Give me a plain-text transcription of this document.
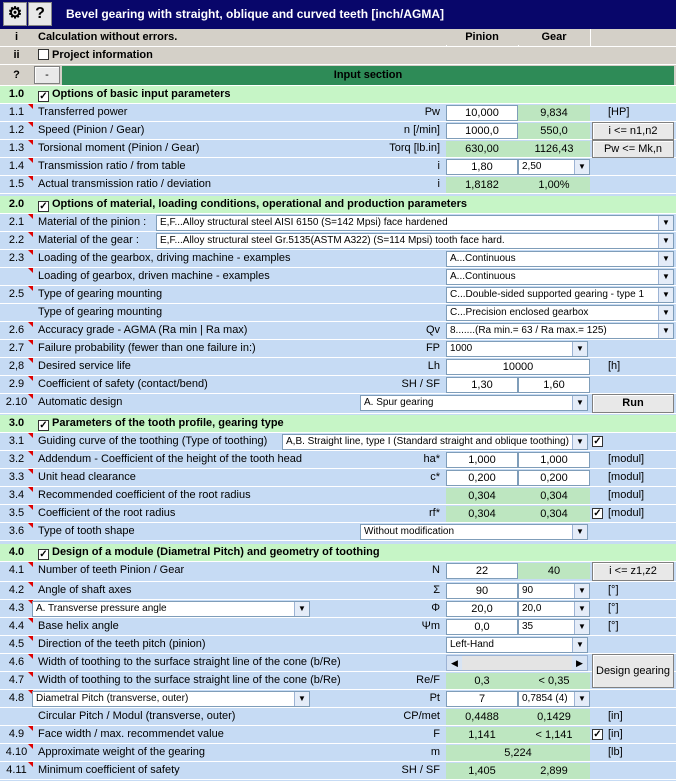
⚙ ?	Bevel gearing with straight, oblique and curved teeth [inch/AGMA]
i	Calculation without errors.	Pinion	Gear
ii	Project information
?	-	Input section
1.0	✓ Options of basic input parameters
1.1	Transferred power	Pw	10,000	9,834	[HP]
1.2	Speed (Pinion / Gear)	n [/min]	1000,0	550,0
1.3	Torsional moment (Pinion / Gear)	Torq [lb.in]	630,00	1126,43
i <= n1,n2
Pw <= Mk,n
1.4	Transmission ratio / from table	i	1,80	2,50	▼
1.5	Actual transmission ratio / deviation	i	1,8182	1,00%
2.0	✓ Options of material, loading conditions, operational and production parameters
2.1	Material of the pinion :	E,F...Alloy structural steel AISI 6150 (S=142 Mpsi) face hardened	▼
2.2	Material of the gear :	E,F...Alloy structural steel Gr.5135(ASTM A322) (S=114 Mpsi) tooth face hard.	▼
2.3	Loading of the gearbox, driving machine - examples	A...Continuous	▼
Loading of gearbox, driven machine - examples	A...Continuous	▼
2.5	Type of gearing mounting	C...Double-sided supported gearing - type 1	▼
Type of gearing mounting	C...Precision enclosed gearbox	▼
2.6	Accuracy grade - AGMA (Ra min | Ra max)	Qv	8.......(Ra min.= 63 / Ra max.= 125)	▼
2.7	Failure probability (fewer than one failure in:)	FP	1000	▼
2,8	Desired service life	Lh	10000	[h]
2.9	Coefficient of safety (contact/bend)	SH / SF	1,30	1,60
2.10 Automatic design	A. Spur gearing	▼	Run
3.0	✓ Parameters of the tooth profile, gearing type
3.1	Guiding curve of the toothing (Type of toothing)	A,B. Straight line, type I (Standard straight and oblique toothing) ▼ ✓
3.2	Addendum - Coefficient of the height of the tooth head	ha*	1,000	1,000	[modul]
3.3	Unit head clearance	c*	0,200	0,200	[modul]
3.4	Recommended coefficient of the root radius	0,304	0,304	[modul]
3.5	Coefficient of the root radius	rf*	0,304	0,304	✓ [modul]
3.6	Type of tooth shape	Without modification	▼
4.0	✓ Design of a module (Diametral Pitch) and geometry of toothing
4.1	Number of teeth Pinion / Gear	N	22	40	i <= z1,z2
4.2	Angle of shaft axes	Σ	90	90	▼ [°]
4.3	A. Transverse pressure angle	▼	Φ	20,0	20,0	▼ [°]
4.4	Base helix angle	Ψm	0,0	35	▼ [°]
4.5	Direction of the teeth pitch (pinion)	Left-Hand	▼
4.6	Width of toothing to the surface straight line of the cone (b/Re)	◀	▶
Design gearing
4.7	Width of toothing to the surface straight line of the cone (b/Re)	Re/F	0,3	< 0,35
4.8	Diametral Pitch (transverse, outer)	▼	Pt	7	0,7854 (4)	▼
Circular Pitch / Modul (transverse, outer)	CP/met	0,4488	0,1429	[in]
4.9	Face width / max. recommendet value	F	1,141	< 1,141	✓ [in]
4.10 Approximate weight of the gearing	m	5,224	[lb]
4.11	Minimum coefficient of safety	SH / SF	1,405	2,899
